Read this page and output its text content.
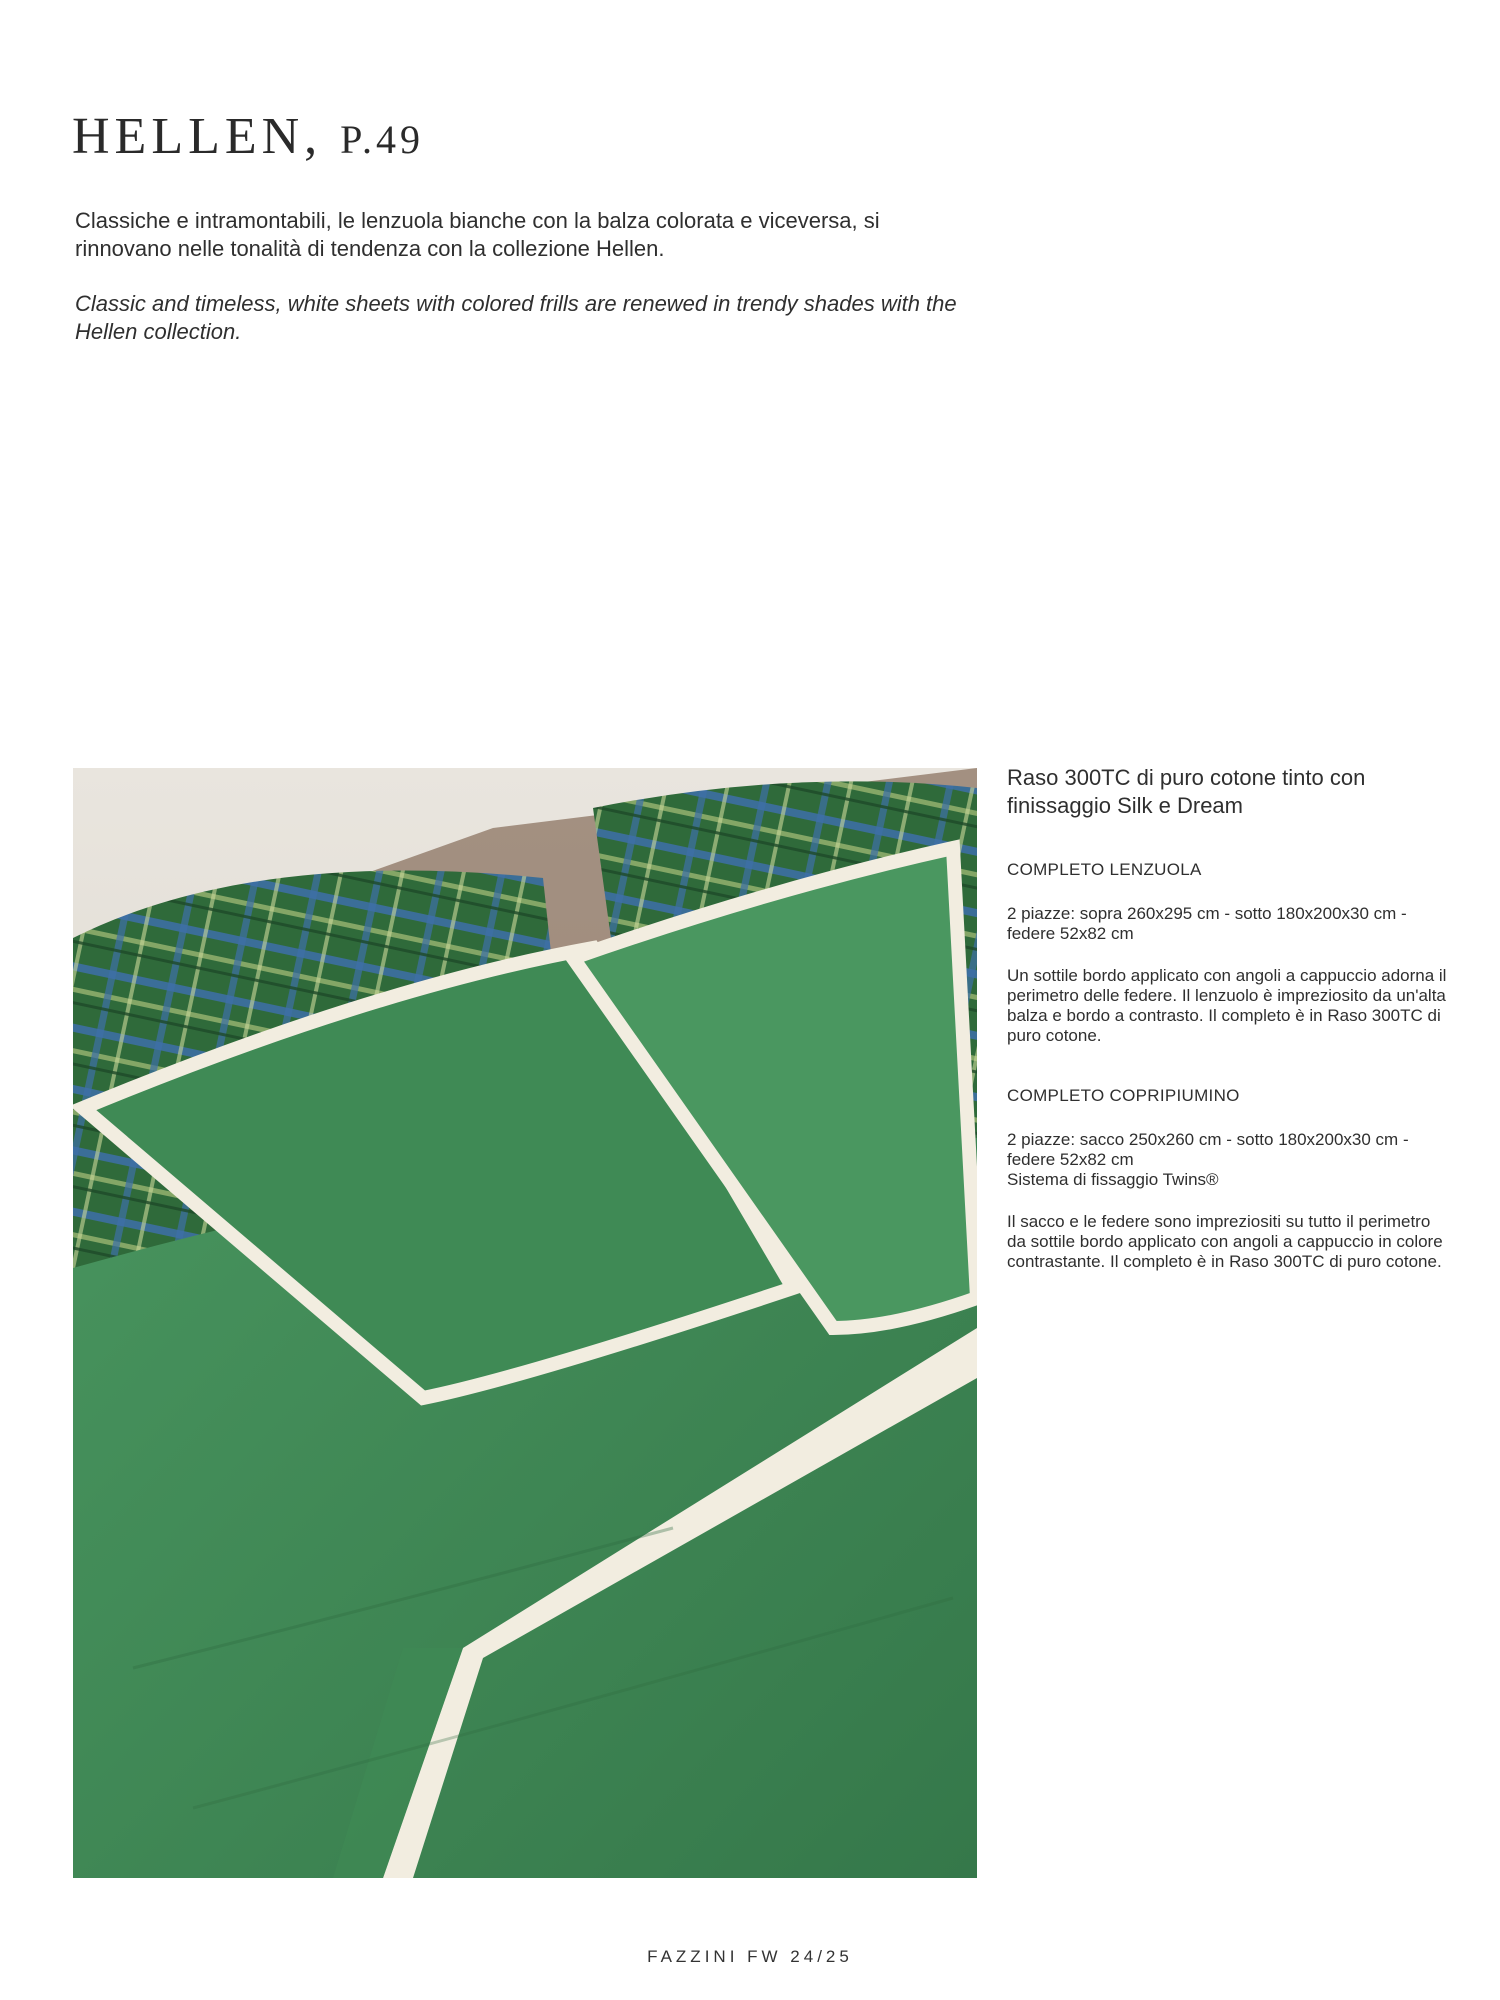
HELLEN, P.49
Classiche e intramontabili, le lenzuola bianche con la balza colorata e viceversa, si rinnovano nelle tonalità di tendenza con la collezione Hellen.
Classic and timeless, white sheets with colored frills are renewed in trendy shades with the Hellen collection.
Raso 300TC di puro cotone tinto con finissaggio Silk e Dream
COMPLETO LENZUOLA

2 piazze: sopra 260x295 cm - sotto 180x200x30 cm - federe 52x82 cm

Un sottile bordo applicato con angoli a cappuccio adorna il perimetro delle federe. Il lenzuolo è impreziosito da un'alta balza e bordo a contrasto. Il completo è in Raso 300TC di puro cotone.

COMPLETO COPRIPIUMINO

2 piazze: sacco 250x260 cm - sotto 180x200x30 cm - federe 52x82 cm

Sistema di fissaggio Twins®

Il sacco e le federe sono impreziositi su tutto il perimetro da sottile bordo applicato con angoli a cappuccio in colore contrastante. Il completo è in Raso 300TC di puro cotone.

FAZZINI FW 24/25
